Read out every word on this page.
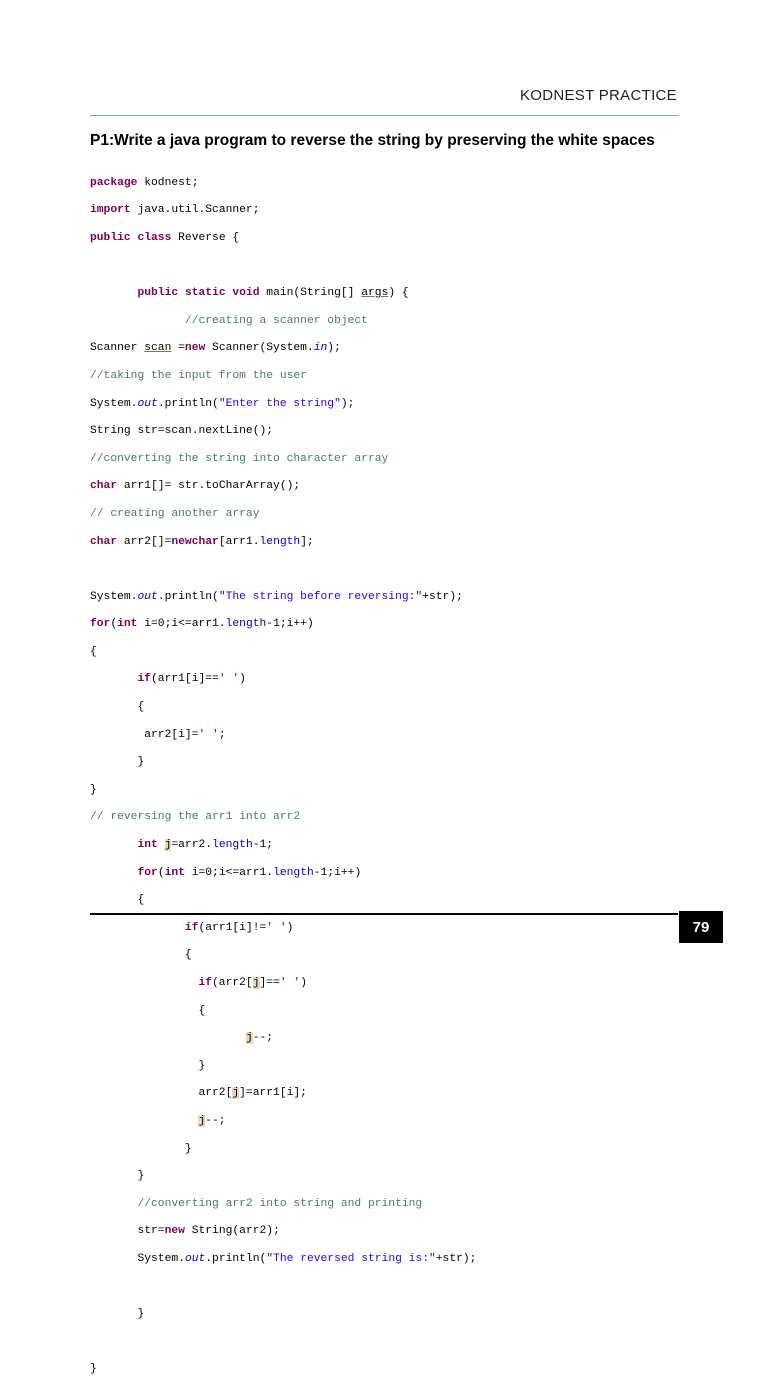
KODNEST PRACTICE
P1:Write a java program to reverse the string by preserving the white spaces

package kodnest;

import java.util.Scanner;

public class Reverse {

public static void main(String[] args) {

//creating a scanner object

Scanner scan =new Scanner(System.in);

//taking the input from the user

System.out.println("Enter the string");

String str=scan.nextLine();

//converting the string into character array

char arr1[]= str.toCharArray();

// creating another array

char arr2[]=newchar[arr1.length];

System.out.println("The string before reversing:"+str);

for(int i=0;i<=arr1.length-1;i++)

{

if(arr1[i]==' ')

{

arr2[i]=' ';

}

}

// reversing the arr1 into arr2

int j=arr2.length-1;

for(int i=0;i<=arr1.length-1;i++)

{

if(arr1[i]!=' ')

{

if(arr2[j]==' ')

{

j--;

}

arr2[j]=arr1[i];

j--;

}

}

//converting arr2 into string and printing

str=new String(arr2);

System.out.println("The reversed string is:"+str);

}

}

79
